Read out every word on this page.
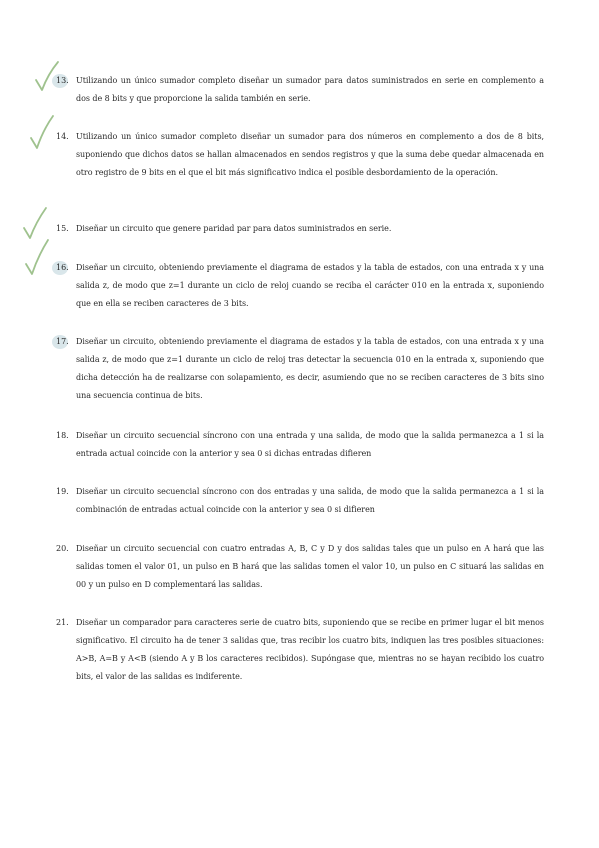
13. Utilizando un único sumador completo diseñar un sumador para datos suministrados en serie en complemento a dos de 8 bits y que proporcione la salida también en serie.
14. Utilizando un único sumador completo diseñar un sumador para dos números en complemento a dos de 8 bits, suponiendo que dichos datos se hallan almacenados en sendos registros y que la suma debe quedar almacenada en otro registro de 9 bits en el que el bit más significativo indica el posible desbordamiento de la operación.
15. Diseñar un circuito que genere paridad par para datos suministrados en serie.
16. Diseñar un circuito, obteniendo previamente el diagrama de estados y la tabla de estados, con una entrada x y una salida z, de modo que z=1 durante un ciclo de reloj cuando se reciba el carácter 010 en la entrada x, suponiendo que en ella se reciben caracteres de 3 bits.
17. Diseñar un circuito, obteniendo previamente el diagrama de estados y la tabla de estados, con una entrada x y una salida z, de modo que z=1 durante un ciclo de reloj tras detectar la secuencia 010 en la entrada x, suponiendo que dicha detección ha de realizarse con solapamiento, es decir, asumiendo que no se reciben caracteres de 3 bits sino una secuencia continua de bits.
18. Diseñar un circuito secuencial síncrono con una entrada y una salida, de modo que la salida permanezca a 1 si la entrada actual coincide con la anterior y sea 0 si dichas entradas difieren
19. Diseñar un circuito secuencial síncrono con dos entradas y una salida, de modo que la salida permanezca a 1 si la combinación de entradas actual coincide con la anterior y sea 0 si difieren
20. Diseñar un circuito secuencial con cuatro entradas A, B, C y D y dos salidas tales que un pulso en A hará que las salidas tomen el valor 01, un pulso en B hará que las salidas tomen el valor 10, un pulso en C situará las salidas en 00 y un pulso en D complementará las salidas.
21. Diseñar un comparador para caracteres serie de cuatro bits, suponiendo que se recibe en primer lugar el bit menos significativo. El circuito ha de tener 3 salidas que, tras recibir los cuatro bits, indiquen las tres posibles situaciones: A>B, A=B y A<B (siendo A y B los caracteres recibidos). Supóngase que, mientras no se hayan recibido los cuatro bits, el valor de las salidas es indiferente.
